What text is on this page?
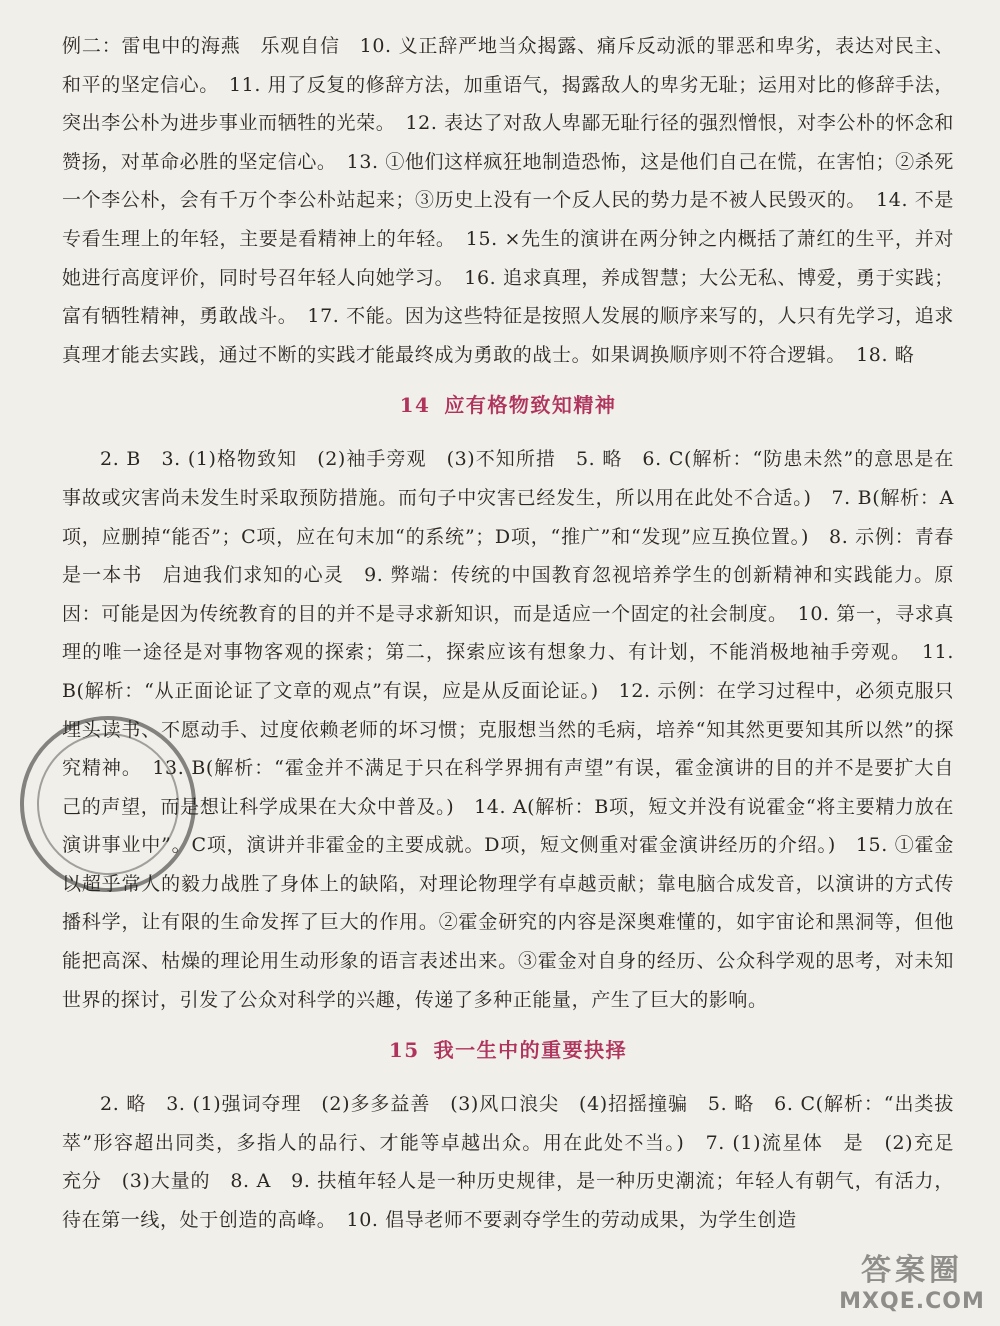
例二：雷电中的海燕　乐观自信　10. 义正辞严地当众揭露、痛斥反动派的罪恶和卑劣，表达对民主、和平的坚定信心。　11. 用了反复的修辞方法，加重语气，揭露敌人的卑劣无耻；运用对比的修辞手法，突出李公朴为进步事业而牺牲的光荣。　12. 表达了对敌人卑鄙无耻行径的强烈憎恨，对李公朴的怀念和赞扬，对革命必胜的坚定信心。　13. ①他们这样疯狂地制造恐怖，这是他们自己在慌，在害怕；②杀死一个李公朴，会有千万个李公朴站起来；③历史上没有一个反人民的势力是不被人民毁灭的。　14. 不是专看生理上的年轻，主要是看精神上的年轻。　15. ×先生的演讲在两分钟之内概括了萧红的生平，并对她进行高度评价，同时号召年轻人向她学习。　16. 追求真理，养成智慧；大公无私、博爱，勇于实践；富有牺牲精神，勇敢战斗。　17. 不能。因为这些特征是按照人发展的顺序来写的，人只有先学习，追求真理才能去实践，通过不断的实践才能最终成为勇敢的战士。如果调换顺序则不符合逻辑。　18. 略

14 应有格物致知精神

2. B　3. (1)格物致知　(2)袖手旁观　(3)不知所措　5. 略　6. C(解析：“防患未然”的意思是在事故或灾害尚未发生时采取预防措施。而句子中灾害已经发生，所以用在此处不合适。)　7. B(解析：A项，应删掉“能否”；C项，应在句末加“的系统”；D项，“推广”和“发现”应互换位置。)　8. 示例：青春是一本书　启迪我们求知的心灵　9. 弊端：传统的中国教育忽视培养学生的创新精神和实践能力。原因：可能是因为传统教育的目的并不是寻求新知识，而是适应一个固定的社会制度。　10. 第一，寻求真理的唯一途径是对事物客观的探索；第二，探索应该有想象力、有计划，不能消极地袖手旁观。　11. B(解析：“从正面论证了文章的观点”有误，应是从反面论证。)　12. 示例：在学习过程中，必须克服只埋头读书、不愿动手、过度依赖老师的坏习惯；克服想当然的毛病，培养“知其然更要知其所以然”的探究精神。　13. B(解析：“霍金并不满足于只在科学界拥有声望”有误，霍金演讲的目的并不是要扩大自己的声望，而是想让科学成果在大众中普及。)　14. A(解析：B项，短文并没有说霍金“将主要精力放在演讲事业中”。C项，演讲并非霍金的主要成就。D项，短文侧重对霍金演讲经历的介绍。)　15. ①霍金以超乎常人的毅力战胜了身体上的缺陷，对理论物理学有卓越贡献；靠电脑合成发音，以演讲的方式传播科学，让有限的生命发挥了巨大的作用。②霍金研究的内容是深奥难懂的，如宇宙论和黑洞等，但他能把高深、枯燥的理论用生动形象的语言表述出来。③霍金对自身的经历、公众科学观的思考，对未知世界的探讨，引发了公众对科学的兴趣，传递了多种正能量，产生了巨大的影响。

15 我一生中的重要抉择

2. 略　3. (1)强词夺理　(2)多多益善　(3)风口浪尖　(4)招摇撞骗　5. 略　6. C(解析：“出类拔萃”形容超出同类，多指人的品行、才能等卓越出众。用在此处不当。)　7. (1)流星体　是　(2)充足　充分　(3)大量的　8. A　9. 扶植年轻人是一种历史规律，是一种历史潮流；年轻人有朝气，有活力，待在第一线，处于创造的高峰。　10. 倡导老师不要剥夺学生的劳动成果，为学生创造

答案圈
MXQE.COM
